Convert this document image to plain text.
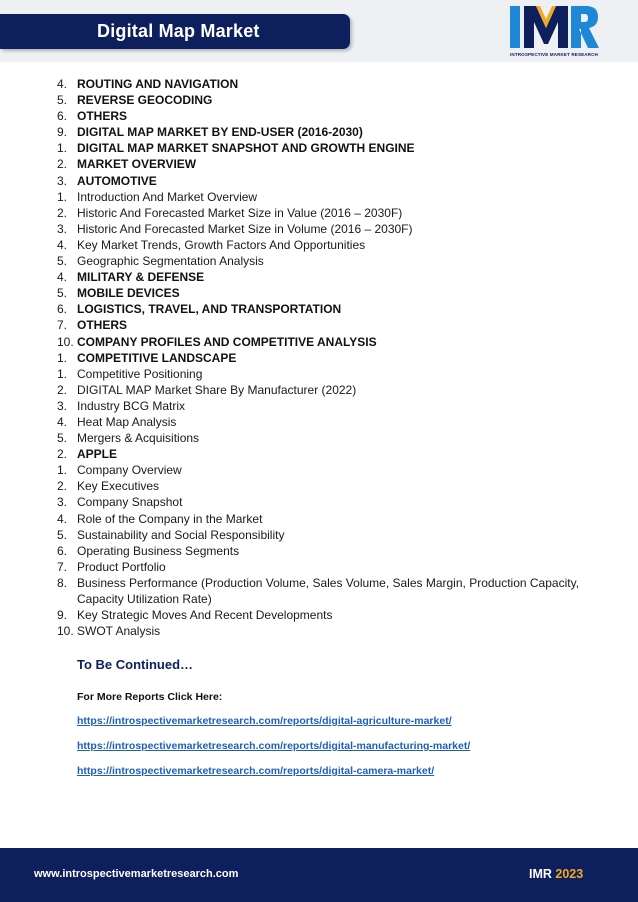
Digital Map Market
INTROSPECTIVE MARKET RESEARCH
4. ROUTING AND NAVIGATION
5. REVERSE GEOCODING
6. OTHERS
9. DIGITAL MAP MARKET BY END-USER (2016-2030)
1. DIGITAL MAP MARKET SNAPSHOT AND GROWTH ENGINE
2. MARKET OVERVIEW
3. AUTOMOTIVE
1. Introduction And Market Overview
2. Historic And Forecasted Market Size in Value (2016 – 2030F)
3. Historic And Forecasted Market Size in Volume (2016 – 2030F)
4. Key Market Trends, Growth Factors And Opportunities
5. Geographic Segmentation Analysis
4. MILITARY & DEFENSE
5. MOBILE DEVICES
6. LOGISTICS, TRAVEL, AND TRANSPORTATION
7. OTHERS
10. COMPANY PROFILES AND COMPETITIVE ANALYSIS
1. COMPETITIVE LANDSCAPE
1. Competitive Positioning
2. DIGITAL MAP Market Share By Manufacturer (2022)
3. Industry BCG Matrix
4. Heat Map Analysis
5. Mergers & Acquisitions
2. APPLE
1. Company Overview
2. Key Executives
3. Company Snapshot
4. Role of the Company in the Market
5. Sustainability and Social Responsibility
6. Operating Business Segments
7. Product Portfolio
8. Business Performance (Production Volume, Sales Volume, Sales Margin, Production Capacity, Capacity Utilization Rate)
9. Key Strategic Moves And Recent Developments
10. SWOT Analysis
To Be Continued…
For More Reports Click Here:
https://introspectivemarketresearch.com/reports/digital-agriculture-market/
https://introspectivemarketresearch.com/reports/digital-manufacturing-market/
https://introspectivemarketresearch.com/reports/digital-camera-market/
www.introspectivemarketresearch.com	IMR 2023
